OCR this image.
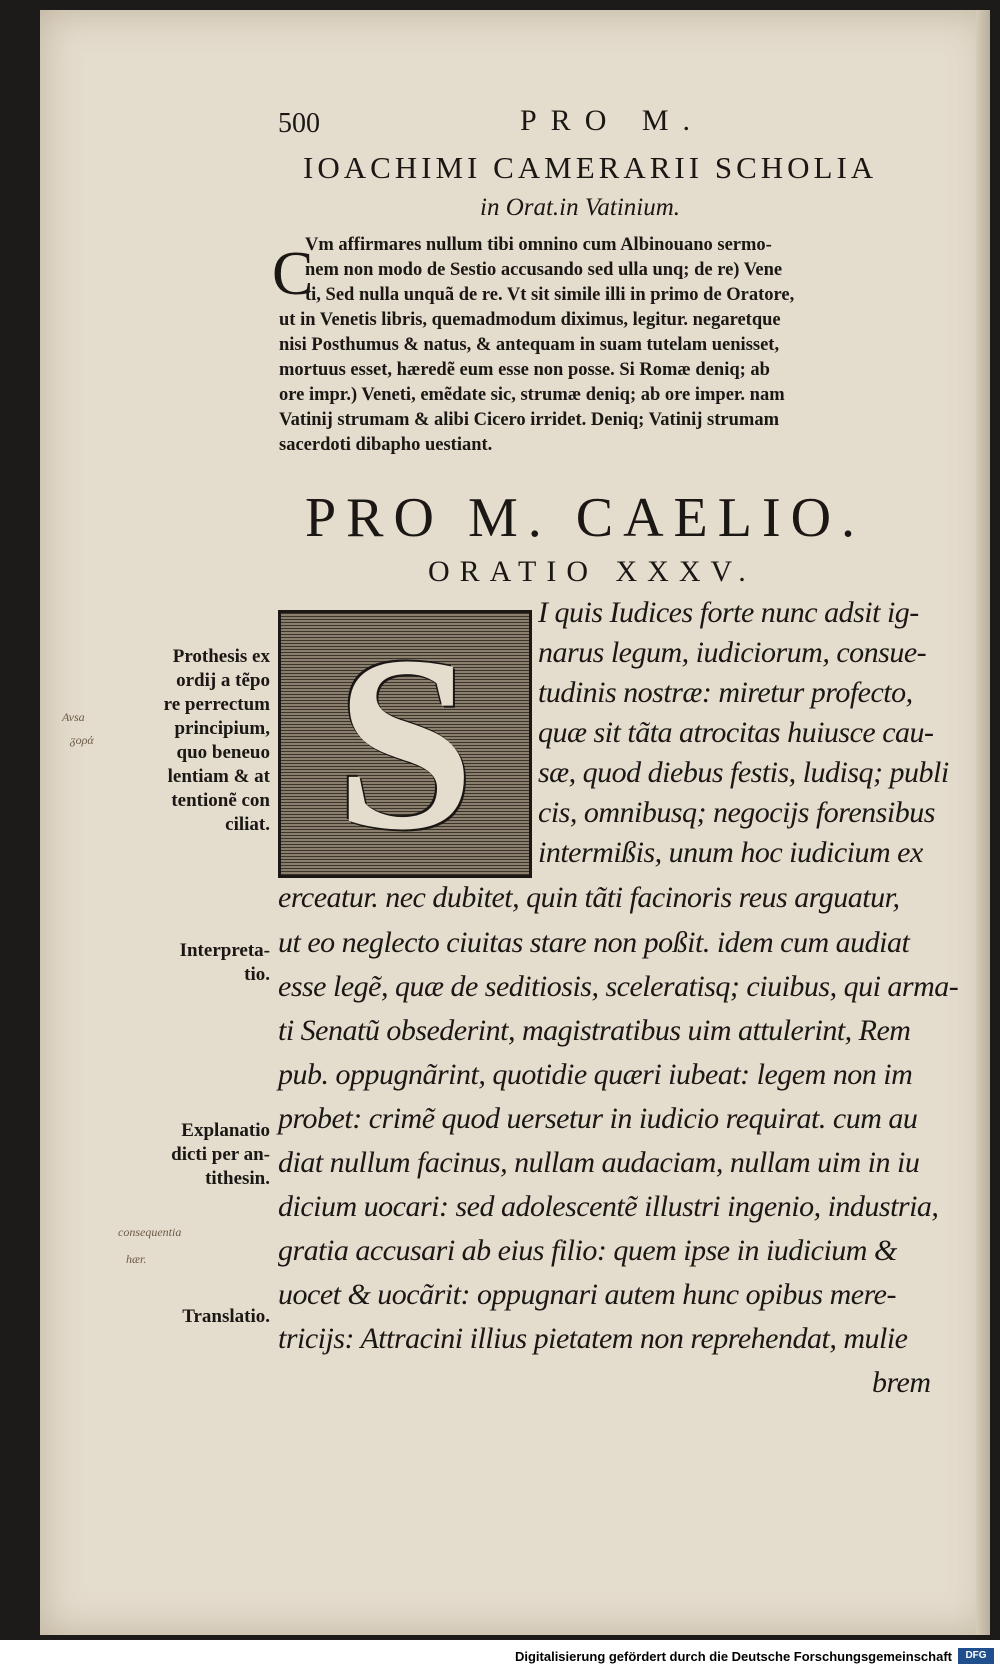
500	PRO M.
IOACHIMI CAMERARII SCHOLIA
in Orat.in Vatinium.
C
Vm affirmares nullum tibi omnino cum Albinouano sermo-
nem non modo de Sestio accusando sed ulla unq; de re) Vene
ti, Sed nulla unquã de re. Vt sit simile illi in primo de Oratore,
ut in Venetis libris, quemadmodum diximus, legitur. negaretque
nisi Posthumus & natus, & antequam in suam tutelam uenisset,
mortuus esset, hæredẽ eum esse non posse. Si Romæ deniq; ab
ore impr.) Veneti, emẽdate sic, strumæ deniq; ab ore imper. nam
Vatinij strumam & alibi Cicero irridet. Deniq; Vatinij strumam
sacerdoti dibapho uestiant.
PRO M. CAELIO.
ORATIO XXXV.
S	I quis Iudices forte nunc adsit ig-
narus legum, iudiciorum, consue-
tudinis nostræ: miretur profecto,
quæ sit tãta atrocitas huiusce cau-
sæ, quod diebus festis, ludisq; publi
cis, omnibusq; negocijs forensibus
intermißis, unum hoc iudicium ex
erceatur. nec dubitet, quin tãti facinoris reus arguatur,
ut eo neglecto ciuitas stare non poßit. idem cum audiat
esse legẽ, quæ de seditiosis, sceleratisq; ciuibus, qui arma-
ti Senatũ obsederint, magistratibus uim attulerint, Rem
pub. oppugnãrint, quotidie quæri iubeat: legem non im
probet: crimẽ quod uersetur in iudicio requirat. cum au
diat nullum facinus, nullam audaciam, nullam uim in iu
dicium uocari: sed adolescentẽ illustri ingenio, industria,
gratia accusari ab eius filio: quem ipse in iudicium &
uocet & uocãrit: oppugnari autem hunc opibus mere-
tricijs: Attracini illius pietatem non reprehendat, mulie
brem
Prothesis ex
ordij a tẽpo
re perrectum
principium,
quo beneuo
lentiam & at
tentionẽ con
ciliat.
Interpreta-
tio.
Explanatio
dicti per an-
tithesin.
Translatio.
Avsa
ᵹορά
consequentia
hær.
Digitalisierung gefördert durch die Deutsche Forschungsgemeinschaft	DFG
